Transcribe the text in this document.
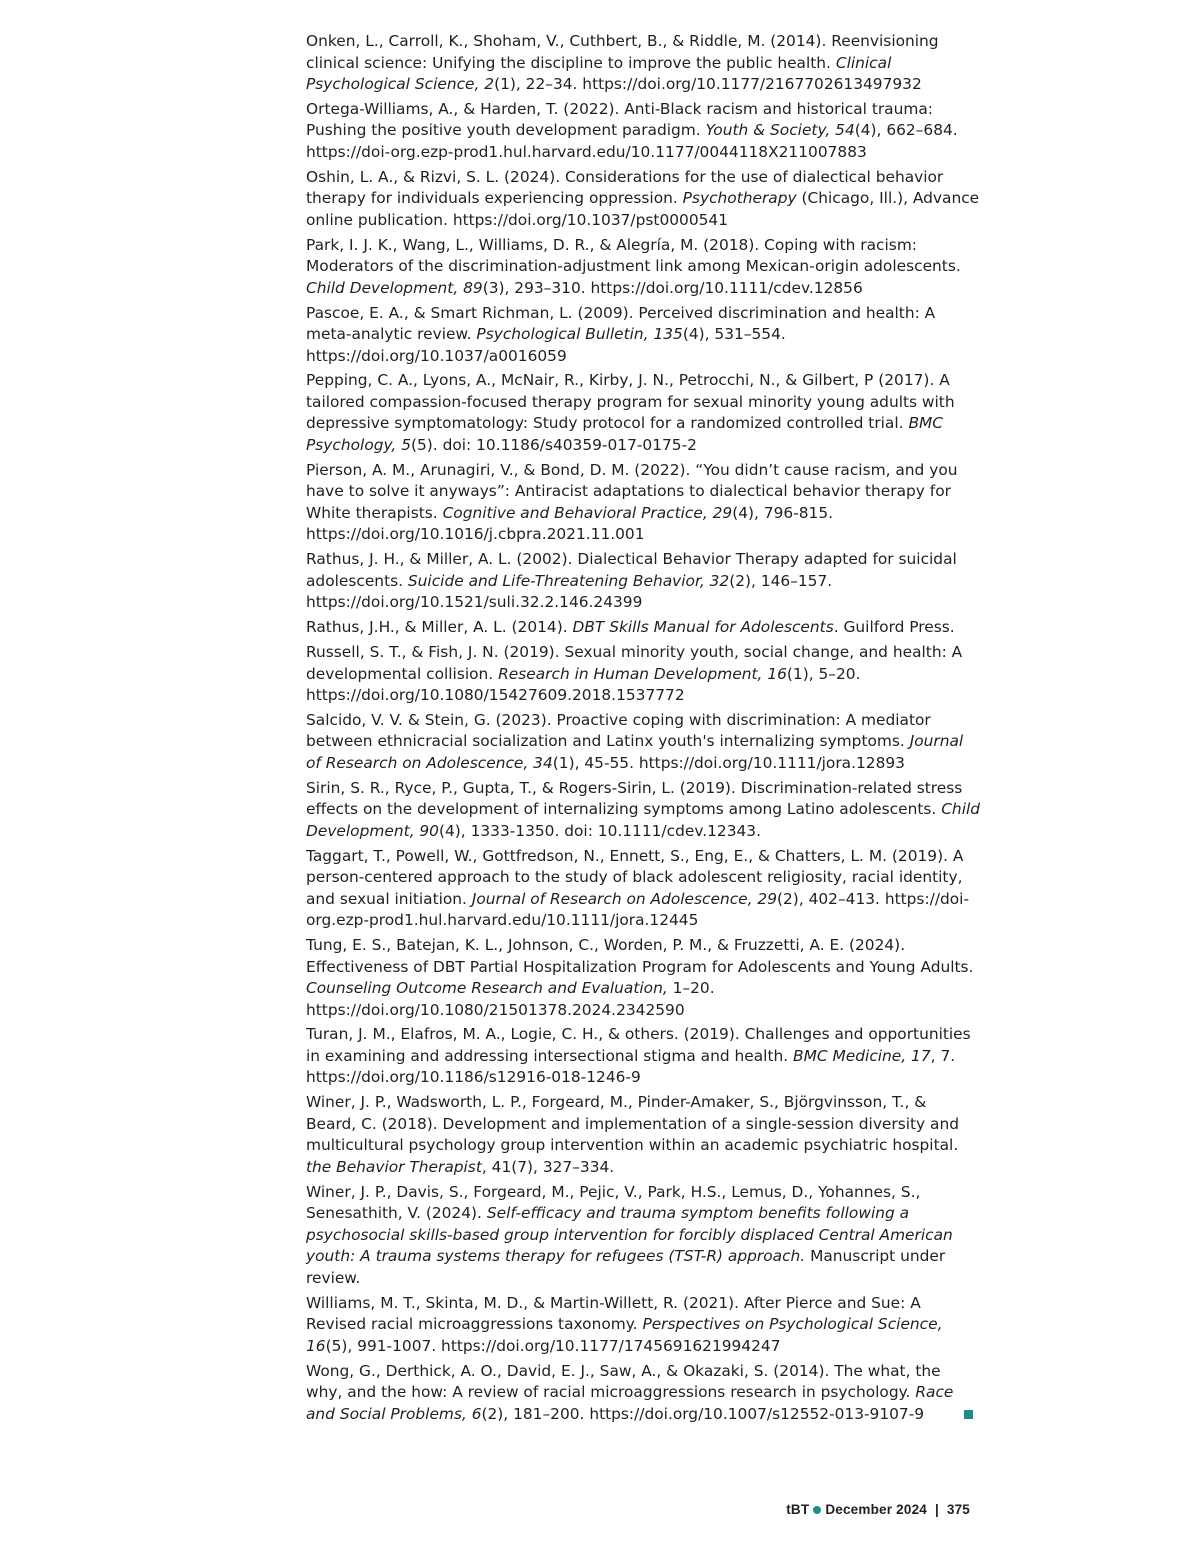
Onken, L., Carroll, K., Shoham, V., Cuthbert, B., & Riddle, M. (2014). Reenvisioning clinical science: Unifying the discipline to improve the public health. Clinical Psychological Science, 2(1), 22–34. https://doi.org/10.1177/2167702613497932

Ortega-Williams, A., & Harden, T. (2022). Anti-Black racism and historical trauma: Pushing the positive youth development paradigm. Youth & Society, 54(4), 662–684. https://doi-org.ezp-prod1.hul.harvard.edu/10.1177/0044118X211007883

Oshin, L. A., & Rizvi, S. L. (2024). Considerations for the use of dialectical behavior therapy for individuals experiencing oppression. Psychotherapy (Chicago, Ill.), Advance online publication. https://doi.org/10.1037/pst0000541

Park, I. J. K., Wang, L., Williams, D. R., & Alegría, M. (2018). Coping with racism: Moderators of the discrimination-adjustment link among Mexican-origin adolescents. Child Development, 89(3), 293–310. https://doi.org/10.1111/cdev.12856

Pascoe, E. A., & Smart Richman, L. (2009). Perceived discrimination and health: A meta-analytic review. Psychological Bulletin, 135(4), 531–554. https://doi.org/10.1037/a0016059

Pepping, C. A., Lyons, A., McNair, R., Kirby, J. N., Petrocchi, N., & Gilbert, P (2017). A tailored compassion-focused therapy program for sexual minority young adults with depressive symptomatology: Study protocol for a randomized controlled trial. BMC Psychology, 5(5). doi: 10.1186/s40359-017-0175-2

Pierson, A. M., Arunagiri, V., & Bond, D. M. (2022). “You didn’t cause racism, and you have to solve it anyways”: Antiracist adaptations to dialectical behavior therapy for White therapists. Cognitive and Behavioral Practice, 29(4), 796-815. https://doi.org/10.1016/j.cbpra.2021.11.001

Rathus, J. H., & Miller, A. L. (2002). Dialectical Behavior Therapy adapted for suicidal adolescents. Suicide and Life-Threatening Behavior, 32(2), 146–157. https://doi.org/10.1521/suli.32.2.146.24399

Rathus, J.H., & Miller, A. L. (2014). DBT Skills Manual for Adolescents. Guilford Press.

Russell, S. T., & Fish, J. N. (2019). Sexual minority youth, social change, and health: A developmental collision. Research in Human Development, 16(1), 5–20. https://doi.org/10.1080/15427609.2018.1537772

Salcido, V. V. & Stein, G. (2023). Proactive coping with discrimination: A mediator between ethnicracial socialization and Latinx youth's internalizing symptoms. Journal of Research on Adolescence, 34(1), 45-55. https://doi.org/10.1111/jora.12893

Sirin, S. R., Ryce, P., Gupta, T., & Rogers-Sirin, L. (2019). Discrimination-related stress effects on the development of internalizing symptoms among Latino adolescents. Child Development, 90(4), 1333-1350. doi: 10.1111/cdev.12343.

Taggart, T., Powell, W., Gottfredson, N., Ennett, S., Eng, E., & Chatters, L. M. (2019). A person-centered approach to the study of black adolescent religiosity, racial identity, and sexual initiation. Journal of Research on Adolescence, 29(2), 402–413. https://doi-org.ezp-prod1.hul.harvard.edu/10.1111/jora.12445

Tung, E. S., Batejan, K. L., Johnson, C., Worden, P. M., & Fruzzetti, A. E. (2024). Effectiveness of DBT Partial Hospitalization Program for Adolescents and Young Adults. Counseling Outcome Research and Evaluation, 1–20. https://doi.org/10.1080/21501378.2024.2342590

Turan, J. M., Elafros, M. A., Logie, C. H., & others. (2019). Challenges and opportunities in examining and addressing intersectional stigma and health. BMC Medicine, 17, 7. https://doi.org/10.1186/s12916-018-1246-9

Winer, J. P., Wadsworth, L. P., Forgeard, M., Pinder-Amaker, S., Björgvinsson, T., & Beard, C. (2018). Development and implementation of a single-session diversity and multicultural psychology group intervention within an academic psychiatric hospital. the Behavior Therapist, 41(7), 327–334.

Winer, J. P., Davis, S., Forgeard, M., Pejic, V., Park, H.S., Lemus, D., Yohannes, S., Senesathith, V. (2024). Self-efficacy and trauma symptom benefits following a psychosocial skills-based group intervention for forcibly displaced Central American youth: A trauma systems therapy for refugees (TST-R) approach. Manuscript under review.

Williams, M. T., Skinta, M. D., & Martin-Willett, R. (2021). After Pierce and Sue: A Revised racial microaggressions taxonomy. Perspectives on Psychological Science, 16(5), 991-1007. https://doi.org/10.1177/1745691621994247

Wong, G., Derthick, A. O., David, E. J., Saw, A., & Okazaki, S. (2014). The what, the why, and the how: A review of racial microaggressions research in psychology. Race and Social Problems, 6(2), 181–200. https://doi.org/10.1007/s12552-013-9107-9

tBT December 2024 | 375
